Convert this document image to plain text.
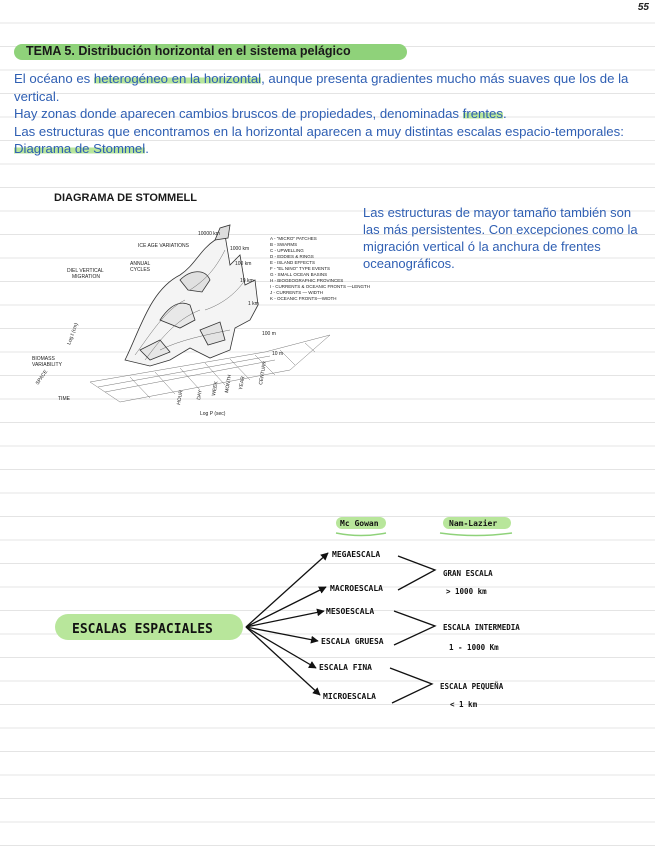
55
TEMA 5. Distribución horizontal en el sistema pelágico

El océano es heterogéneo en la horizontal, aunque presenta gradientes mucho más suaves que los de la vertical.

Hay zonas donde aparecen cambios bruscos de propiedades, denominadas frentes.

Las estructuras que encontramos en la horizontal aparecen a muy distintas escalas espacio-temporales: Diagrama de Stommel.

DIAGRAMA DE STOMMELL
ICE AGE VARIATIONS
10000 km
1000 km
100 km
10 km
1 km
100 m
10 m
ANNUAL
CYCLES
DIEL VERTICAL
MIGRATION
BIOMASS
VARIABILITY
TIME
SPACE
Log ℓ (cm)
Log P (sec)
HOUR DAY WEEK MONTH YEAR CENTURY
A - "MICRO" PATCHES
B - SWARMS
C - UPWELLING
D - EDDIES & RINGS
E - ISLAND EFFECTS
F - "EL NINO" TYPE EVENTS
G - SMALL OCEAN BASINS
H - BIOGEOGRAPHIC PROVINCES
I - CURRENTS & OCEANIC FRONTS —LENGTH
J - CURRENTS — WIDTH
K - OCEANIC FRONTS—WIDTH
Las estructuras de mayor tamaño también son las más persistentes. Con excepciones como la migración vertical ó la anchura de frentes oceanográficos.
Mc Gowan	Nam-Lazier
ESCALAS ESPACIALES
MEGAESCALA
MACROESCALA
MESOESCALA
ESCALA GRUESA
ESCALA FINA
MICROESCALA
GRAN ESCALA
> 1000 km
ESCALA INTERMEDIA
1 - 1000 Km
ESCALA PEQUEÑA
< 1 km
